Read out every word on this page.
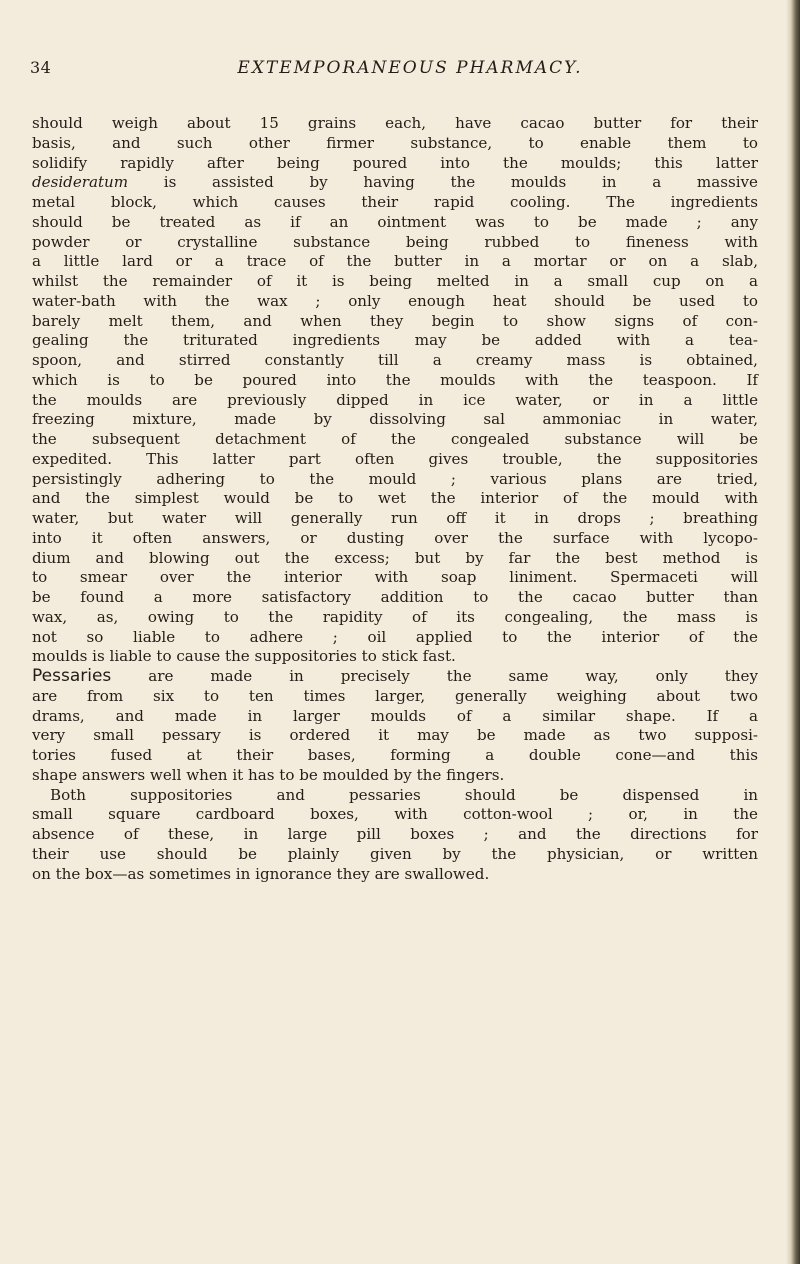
34	EXTEMPORANEOUS PHARMACY.
should weigh about 15 grains each, have cacao butter for their
basis, and such other firmer substance, to enable them to
solidify rapidly after being poured into the moulds; this latter
desideratum is assisted by having the moulds in a massive
metal block, which causes their rapid cooling. The ingredients
should be treated as if an ointment was to be made ; any
powder or crystalline substance being rubbed to fineness with
a little lard or a trace of the butter in a mortar or on a slab,
whilst the remainder of it is being melted in a small cup on a
water-bath with the wax ; only enough heat should be used to
barely melt them, and when they begin to show signs of con-
gealing the triturated ingredients may be added with a tea-
spoon, and stirred constantly till a creamy mass is obtained,
which is to be poured into the moulds with the teaspoon. If
the moulds are previously dipped in ice water, or in a little
freezing mixture, made by dissolving sal ammoniac in water,
the subsequent detachment of the congealed substance will be
expedited. This latter part often gives trouble, the suppositories
persistingly adhering to the mould ; various plans are tried,
and the simplest would be to wet the interior of the mould with
water, but water will generally run off it in drops ; breathing
into it often answers, or dusting over the surface with lycopo-
dium and blowing out the excess; but by far the best method is
to smear over the interior with soap liniment. Spermaceti will
be found a more satisfactory addition to the cacao butter than
wax, as, owing to the rapidity of its congealing, the mass is
not so liable to adhere ; oil applied to the interior of the
moulds is liable to cause the suppositories to stick fast.
Pessaries are made in precisely the same way, only they
are from six to ten times larger, generally weighing about two
drams, and made in larger moulds of a similar shape. If a
very small pessary is ordered it may be made as two supposi-
tories fused at their bases, forming a double cone—and this
shape answers well when it has to be moulded by the fingers.
Both suppositories and pessaries should be dispensed in
small square cardboard boxes, with cotton-wool ; or, in the
absence of these, in large pill boxes ; and the directions for
their use should be plainly given by the physician, or written
on the box—as sometimes in ignorance they are swallowed.
